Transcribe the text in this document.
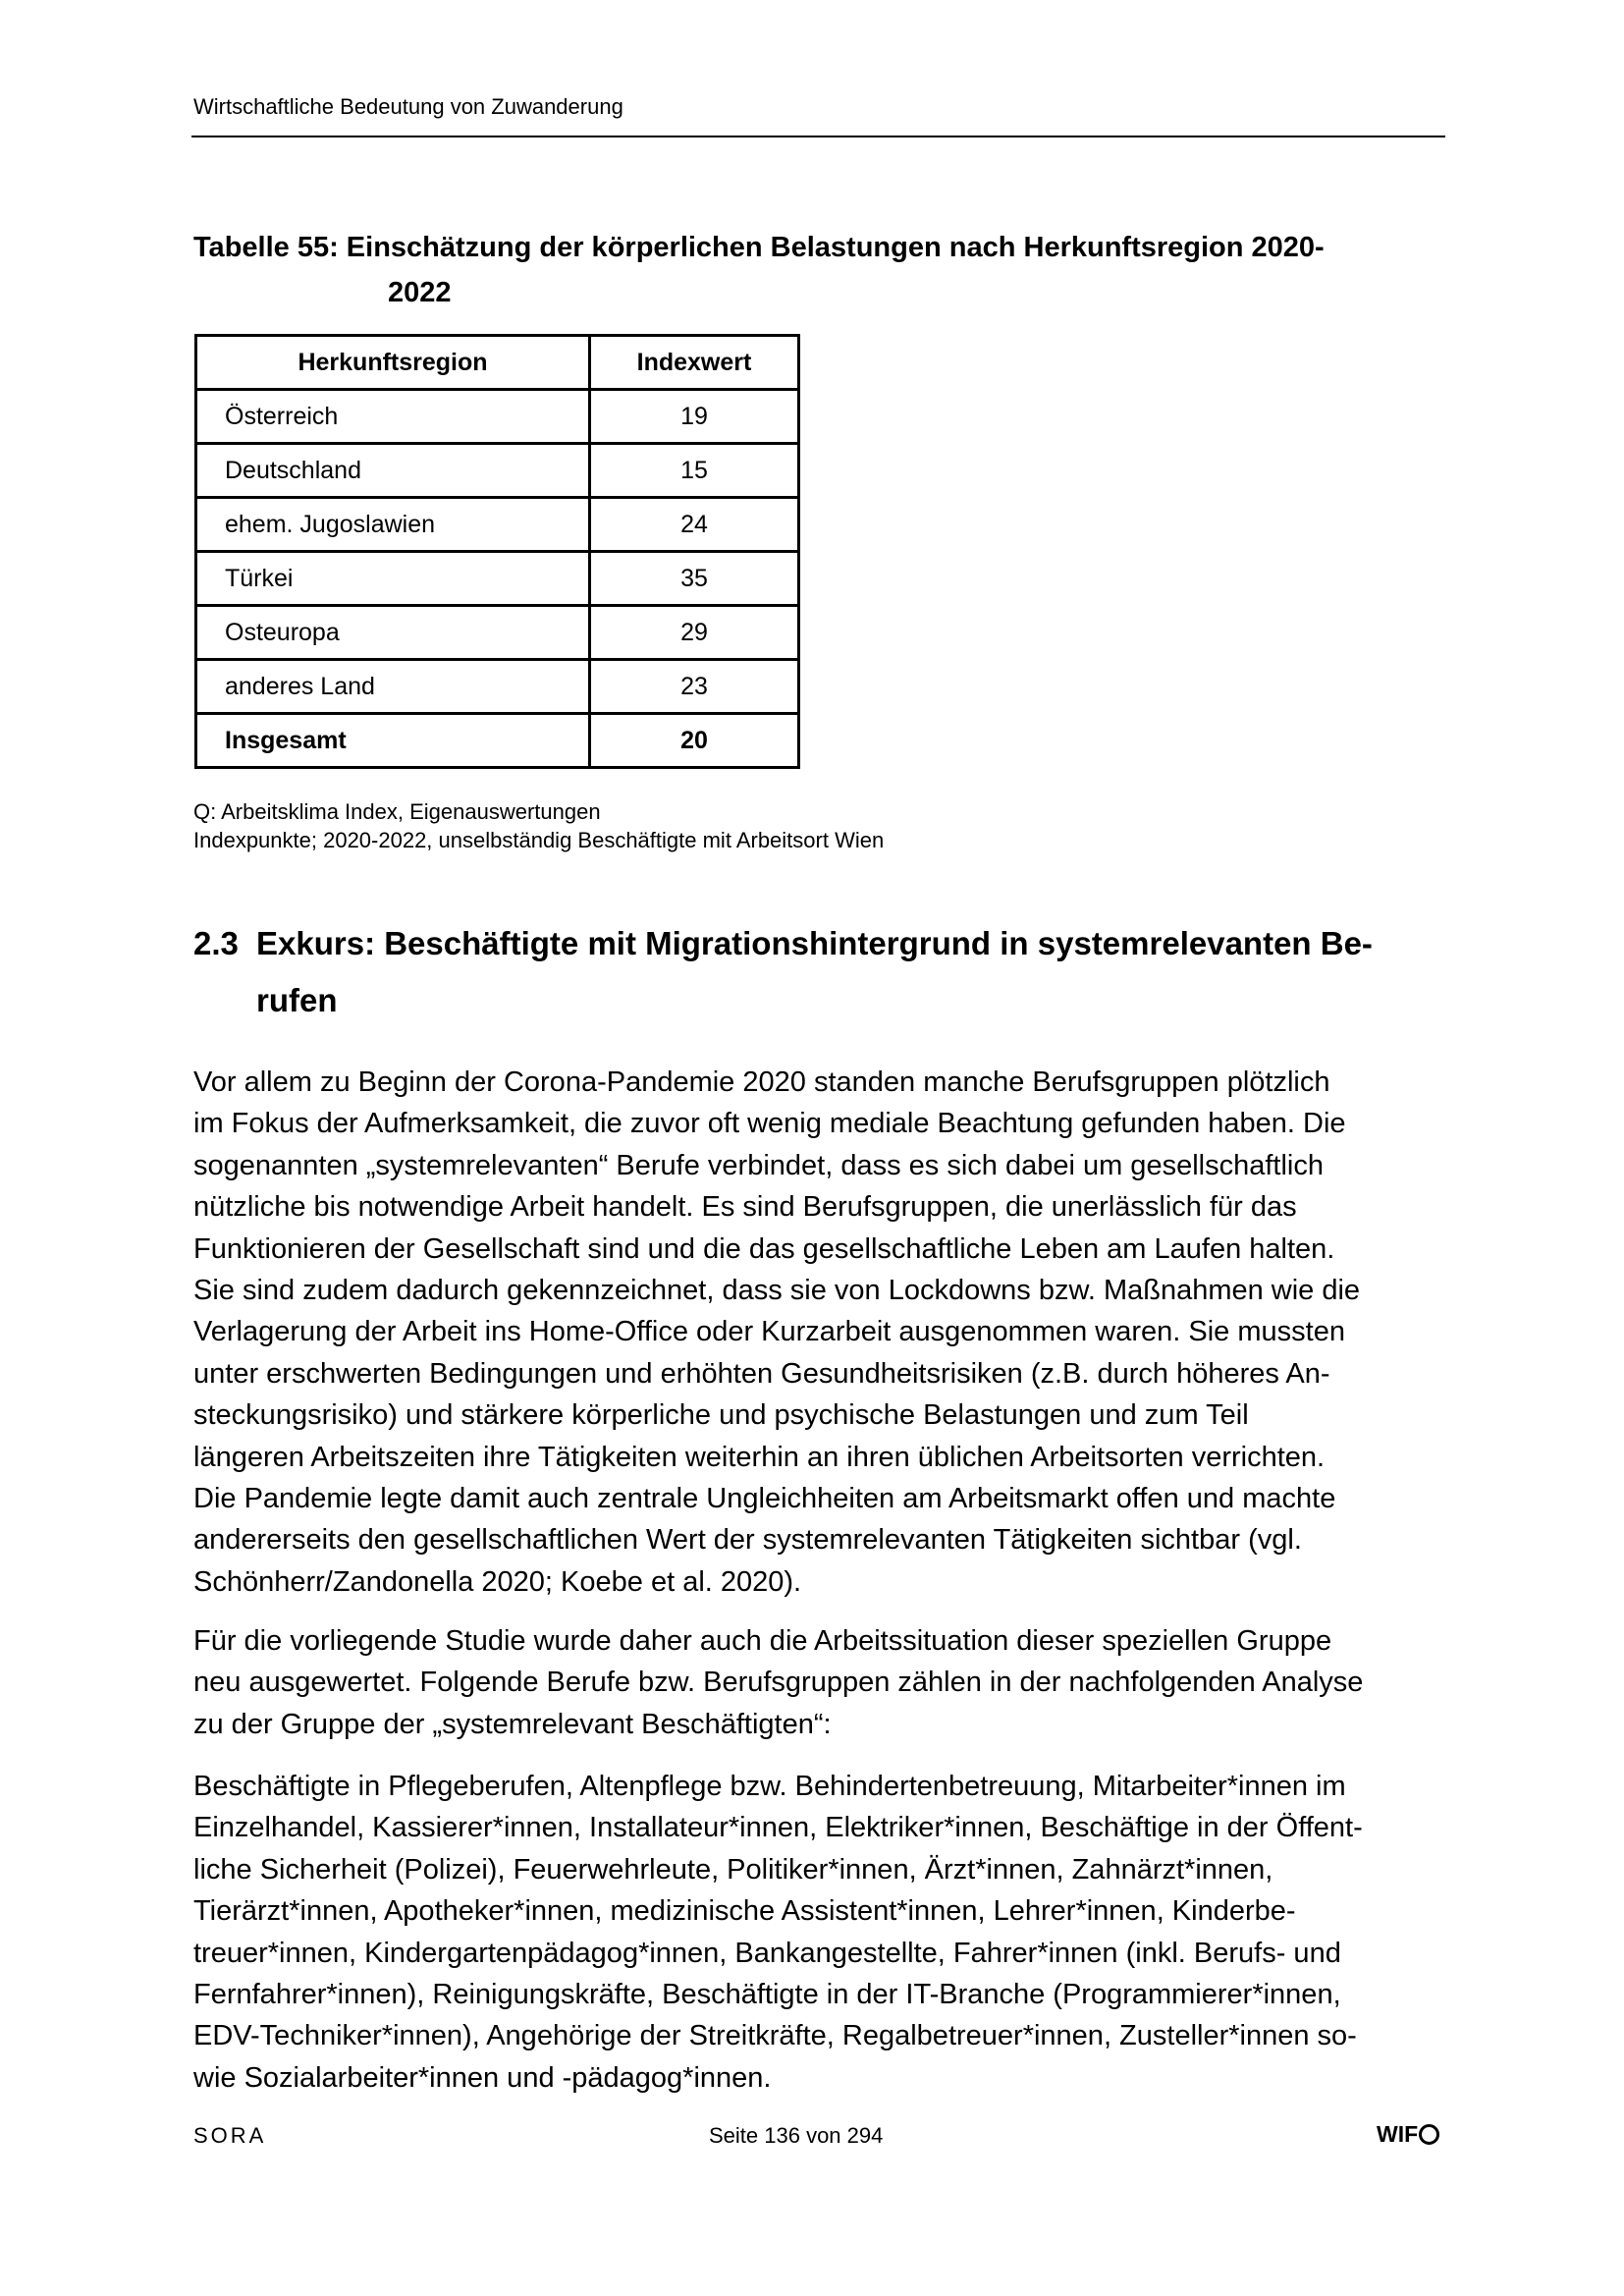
Wirtschaftliche Bedeutung von Zuwanderung
Tabelle 55: Einschätzung der körperlichen Belastungen nach Herkunftsregion 2020-
2022
Herkunftsregion	Indexwert
Österreich	19
Deutschland	15
ehem. Jugoslawien	24
Türkei	35
Osteuropa	29
anderes Land	23
Insgesamt	20
Q: Arbeitsklima Index, Eigenauswertungen
Indexpunkte; 2020-2022, unselbständig Beschäftigte mit Arbeitsort Wien
2.3 Exkurs: Beschäftigte mit Migrationshintergrund in systemrelevanten Be-
rufen
Vor allem zu Beginn der Corona-Pandemie 2020 standen manche Berufsgruppen plötzlich
im Fokus der Aufmerksamkeit, die zuvor oft wenig mediale Beachtung gefunden haben. Die
sogenannten „systemrelevanten“ Berufe verbindet, dass es sich dabei um gesellschaftlich
nützliche bis notwendige Arbeit handelt. Es sind Berufsgruppen, die unerlässlich für das
Funktionieren der Gesellschaft sind und die das gesellschaftliche Leben am Laufen halten.
Sie sind zudem dadurch gekennzeichnet, dass sie von Lockdowns bzw. Maßnahmen wie die
Verlagerung der Arbeit ins Home-Office oder Kurzarbeit ausgenommen waren. Sie mussten
unter erschwerten Bedingungen und erhöhten Gesundheitsrisiken (z.B. durch höheres An-
steckungsrisiko) und stärkere körperliche und psychische Belastungen und zum Teil
längeren Arbeitszeiten ihre Tätigkeiten weiterhin an ihren üblichen Arbeitsorten verrichten.
Die Pandemie legte damit auch zentrale Ungleichheiten am Arbeitsmarkt offen und machte
andererseits den gesellschaftlichen Wert der systemrelevanten Tätigkeiten sichtbar (vgl.
Schönherr/Zandonella 2020; Koebe et al. 2020).
Für die vorliegende Studie wurde daher auch die Arbeitssituation dieser speziellen Gruppe
neu ausgewertet. Folgende Berufe bzw. Berufsgruppen zählen in der nachfolgenden Analyse
zu der Gruppe der „systemrelevant Beschäftigten“:
Beschäftigte in Pflegeberufen, Altenpflege bzw. Behindertenbetreuung, Mitarbeiter*innen im
Einzelhandel, Kassierer*innen, Installateur*innen, Elektriker*innen, Beschäftige in der Öffent-
liche Sicherheit (Polizei), Feuerwehrleute, Politiker*innen, Ärzt*innen, Zahnärzt*innen,
Tierärzt*innen, Apotheker*innen, medizinische Assistent*innen, Lehrer*innen, Kinderbe-
treuer*innen, Kindergartenpädagog*innen, Bankangestellte, Fahrer*innen (inkl. Berufs- und
Fernfahrer*innen), Reinigungskräfte, Beschäftigte in der IT-Branche (Programmierer*innen,
EDV-Techniker*innen), Angehörige der Streitkräfte, Regalbetreuer*innen, Zusteller*innen so-
wie Sozialarbeiter*innen und -pädagog*innen.
SORA	Seite 136 von 294	WIF
